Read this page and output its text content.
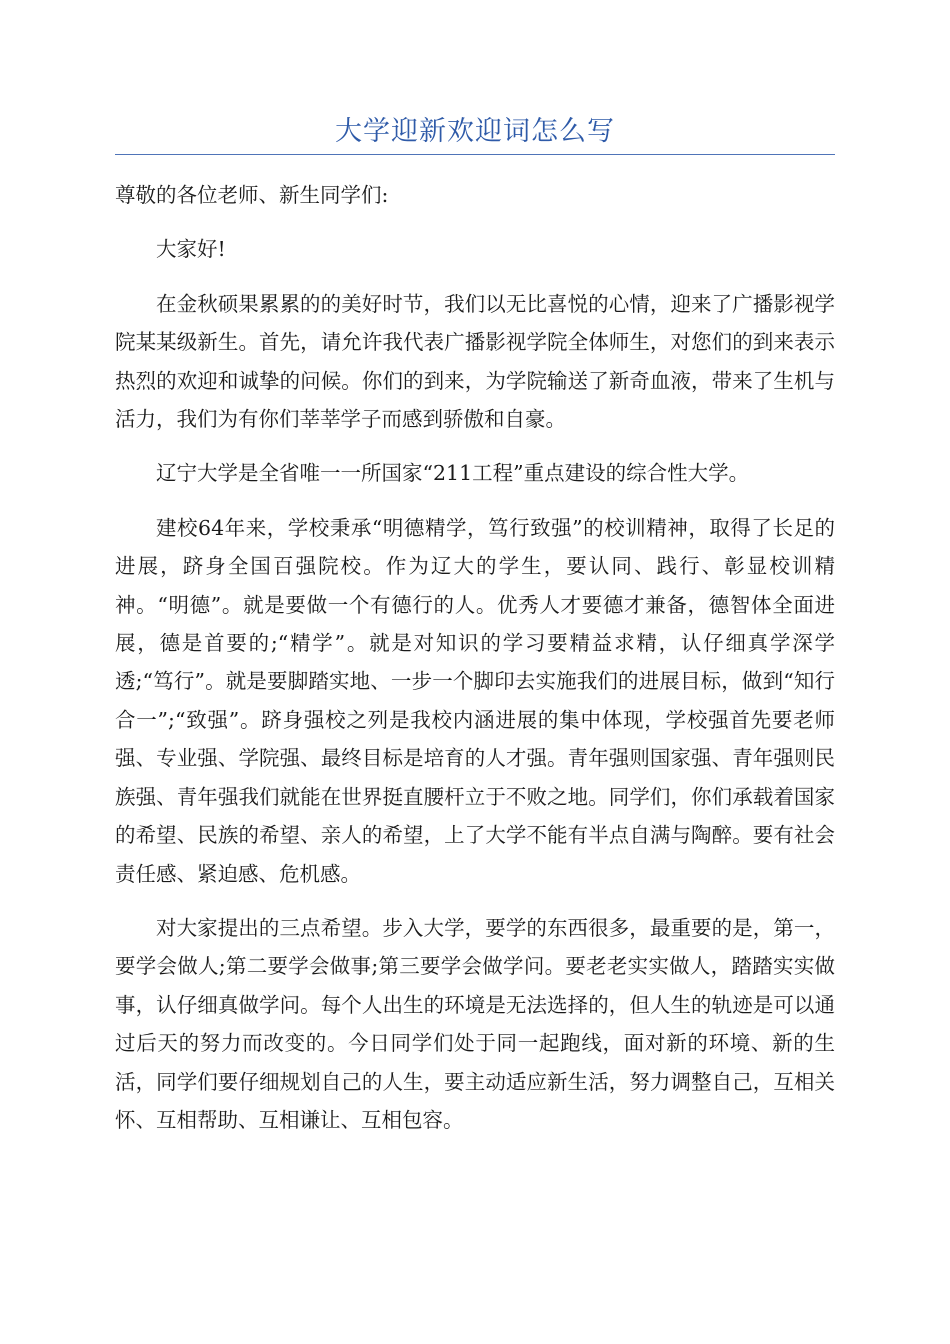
大学迎新欢迎词怎么写

尊敬的各位老师、新生同学们:

大家好!

在金秋硕果累累的的美好时节，我们以无比喜悦的心情，迎来了广播影视学院某某级新生。首先，请允许我代表广播影视学院全体师生，对您们的到来表示热烈的欢迎和诚挚的问候。你们的到来，为学院输送了新奇血液，带来了生机与活力，我们为有你们莘莘学子而感到骄傲和自豪。

辽宁大学是全省唯一一所国家“211工程”重点建设的综合性大学。

建校64年来，学校秉承“明德精学，笃行致强”的校训精神，取得了长足的进展，跻身全国百强院校。作为辽大的学生，要认同、践行、彰显校训精神。“明德”。就是要做一个有德行的人。优秀人才要德才兼备，德智体全面进展，德是首要的;“精学”。就是对知识的学习要精益求精，认仔细真学深学透;“笃行”。就是要脚踏实地、一步一个脚印去实施我们的进展目标，做到“知行合一”;“致强”。跻身强校之列是我校内涵进展的集中体现，学校强首先要老师强、专业强、学院强、最终目标是培育的人才强。青年强则国家强、青年强则民族强、青年强我们就能在世界挺直腰杆立于不败之地。同学们，你们承载着国家的希望、民族的希望、亲人的希望，上了大学不能有半点自满与陶醉。要有社会责任感、紧迫感、危机感。

对大家提出的三点希望。步入大学，要学的东西很多，最重要的是，第一，要学会做人;第二要学会做事;第三要学会做学问。要老老实实做人，踏踏实实做事，认仔细真做学问。每个人出生的环境是无法选择的，但人生的轨迹是可以通过后天的努力而改变的。今日同学们处于同一起跑线，面对新的环境、新的生活，同学们要仔细规划自己的人生，要主动适应新生活，努力调整自己，互相关怀、互相帮助、互相谦让、互相包容。
